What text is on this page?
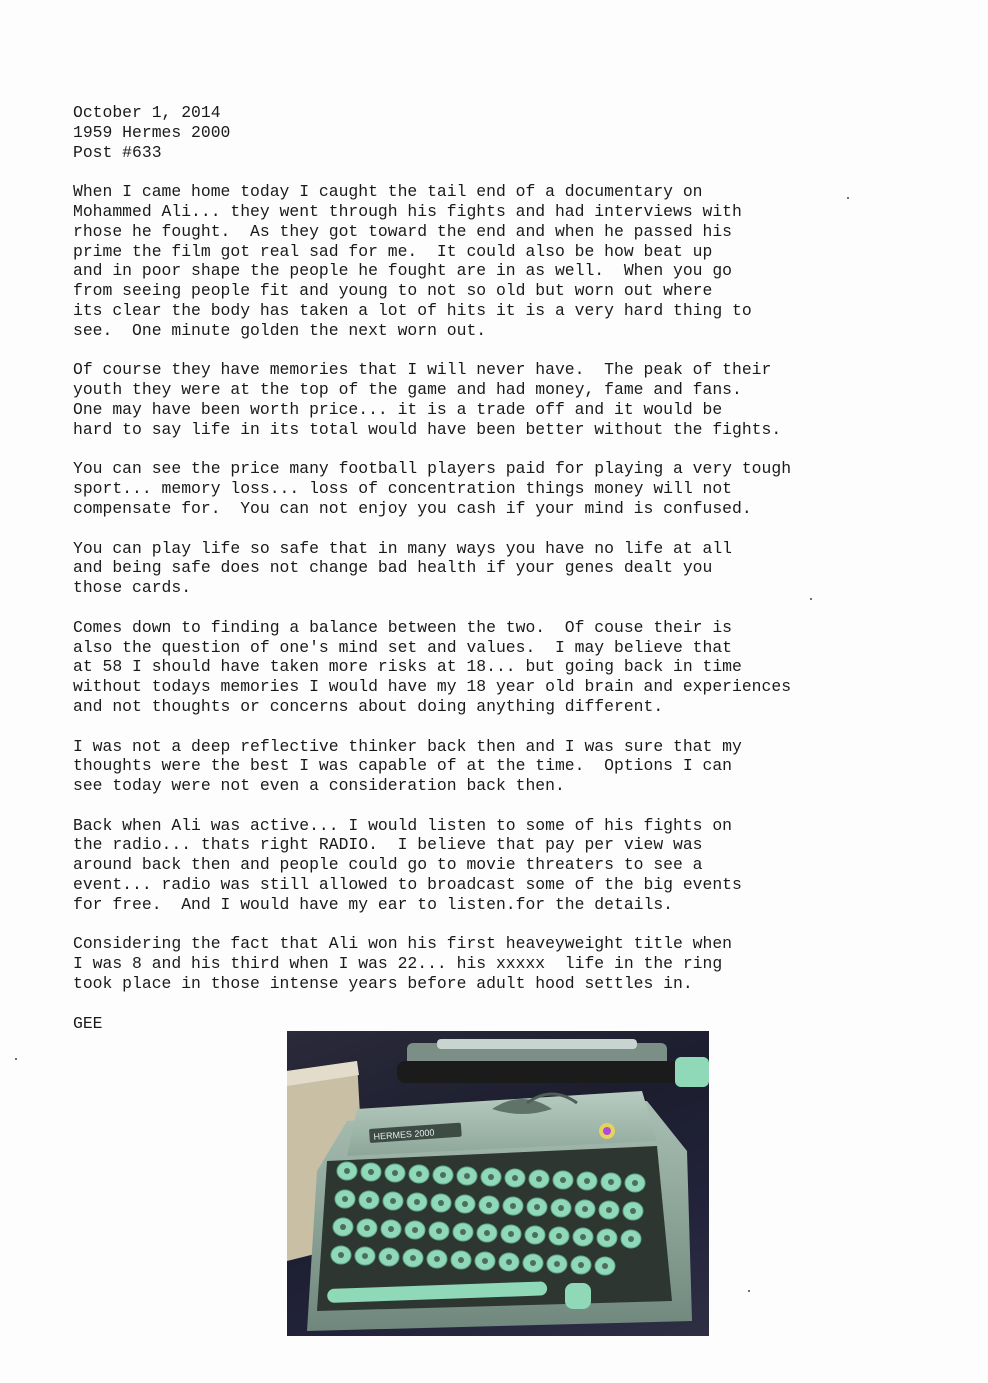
October 1, 2014
1959 Hermes 2000
Post #633
When I came home today I caught the tail end of a documentary on
Mohammed Ali... they went through his fights and had interviews with
rhose he fought.  As they got toward the end and when he passed his
prime the film got real sad for me.  It could also be how beat up
and in poor shape the people he fought are in as well.  When you go
from seeing people fit and young to not so old but worn out where
its clear the body has taken a lot of hits it is a very hard thing to
see.  One minute golden the next worn out.
Of course they have memories that I will never have.  The peak of their
youth they were at the top of the game and had money, fame and fans.
One may have been worth price... it is a trade off and it would be
hard to say life in its total would have been better without the fights.
You can see the price many football players paid for playing a very tough
sport... memory loss... loss of concentration things money will not
compensate for.  You can not enjoy you cash if your mind is confused.
You can play life so safe that in many ways you have no life at all
and being safe does not change bad health if your genes dealt you
those cards.
Comes down to finding a balance between the two.  Of couse their is
also the question of one's mind set and values.  I may believe that
at 58 I should have taken more risks at 18... but going back in time
without todays memories I would have my 18 year old brain and experiences
and not thoughts or concerns about doing anything different.
I was not a deep reflective thinker back then and I was sure that my
thoughts were the best I was capable of at the time.  Options I can
see today were not even a consideration back then.
Back when Ali was active... I would listen to some of his fights on
the radio... thats right RADIO.  I believe that pay per view was
around back then and people could go to movie threaters to see a
event... radio was still allowed to broadcast some of the big events
for free.  And I would have my ear to listen.for the details.
Considering the fact that Ali won his first heaveyweight title when
I was 8 and his third when I was 22... his xxxxx  life in the ring
took place in those intense years before adult hood settles in.
GEE
HERMES 2000
